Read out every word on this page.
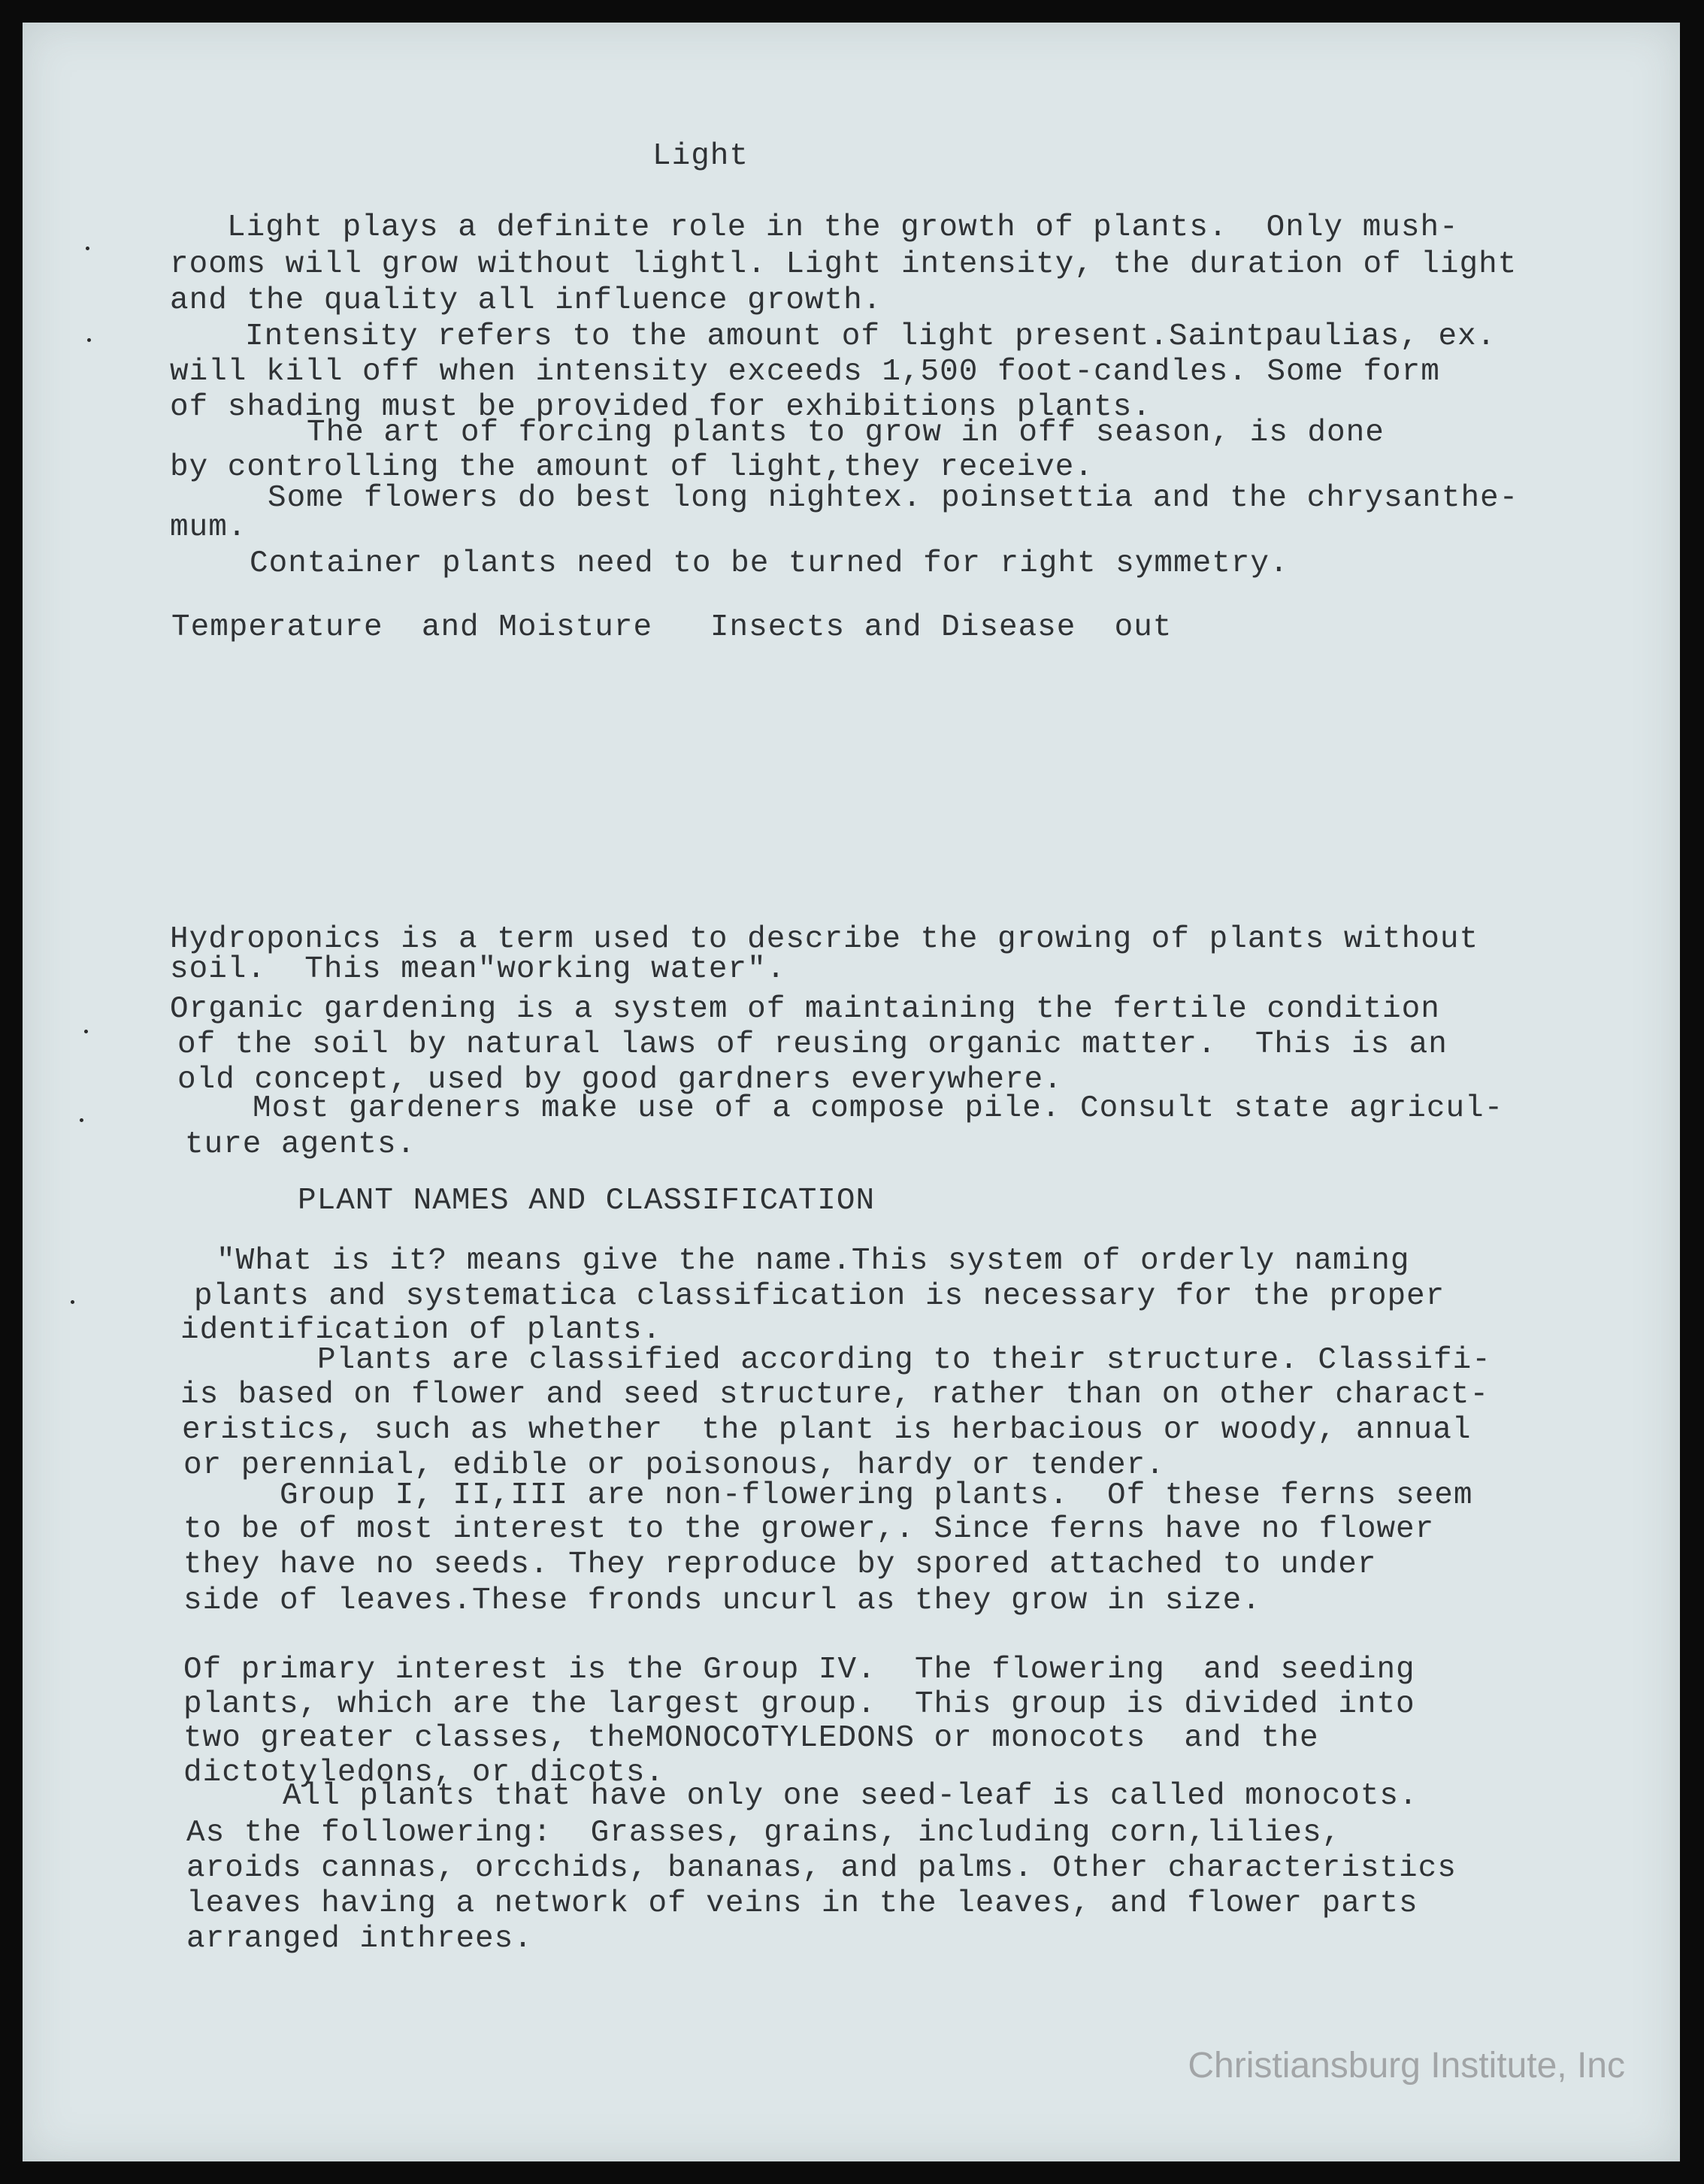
Light
Light plays a definite role in the growth of plants.  Only mush-
rooms will grow without lightl. Light intensity, the duration of light
and the quality all influence growth.
Intensity refers to the amount of light present.Saintpaulias, ex.
will kill off when intensity exceeds 1,500 foot-candles. Some form
of shading must be provided for exhibitions plants.
The art of forcing plants to grow in off season, is done
by controlling the amount of light,they receive.
Some flowers do best long nightex. poinsettia and the chrysanthe-
mum.
Container plants need to be turned for right symmetry.
Temperature  and Moisture   Insects and Disease  out
Hydroponics is a term used to describe the growing of plants without
soil.  This mean"working water".
Organic gardening is a system of maintaining the fertile condition
of the soil by natural laws of reusing organic matter.  This is an
old concept, used by good gardners everywhere.
Most gardeners make use of a compose pile. Consult state agricul-
ture agents.
PLANT NAMES AND CLASSIFICATION
"What is it? means give the name.This system of orderly naming
plants and systematica classification is necessary for the proper
identification of plants.
Plants are classified according to their structure. Classifi-
is based on flower and seed structure, rather than on other charact-
eristics, such as whether  the plant is herbacious or woody, annual
or perennial, edible or poisonous, hardy or tender.
Group I, II,III are non-flowering plants.  Of these ferns seem
to be of most interest to the grower,. Since ferns have no flower
they have no seeds. They reproduce by spored attached to under
side of leaves.These fronds uncurl as they grow in size.
Of primary interest is the Group IV.  The flowering  and seeding
plants, which are the largest group.  This group is divided into
two greater classes, theMONOCOTYLEDONS or monocots  and the
dictotyledons, or dicots.
All plants that have only one seed-leaf is called monocots.
As the followering:  Grasses, grains, including corn,lilies,
aroids cannas, orcchids, bananas, and palms. Other characteristics
leaves having a network of veins in the leaves, and flower parts
arranged inthrees.
Christiansburg Institute, Inc
